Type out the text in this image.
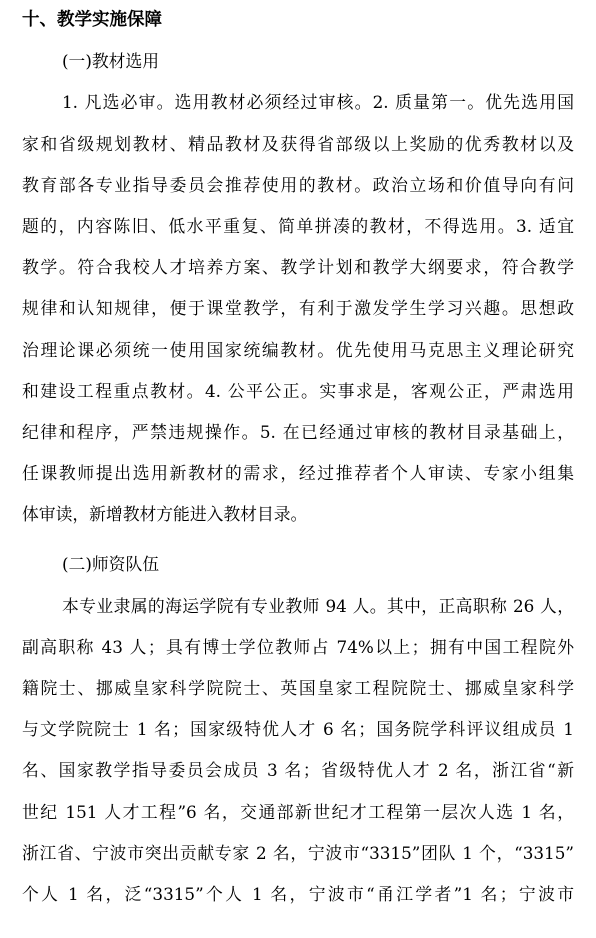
十、教学实施保障
(一)教材选用
1. 凡选必审。选用教材必须经过审核。2. 质量第一。优先选用国
家和省级规划教材、精品教材及获得省部级以上奖励的优秀教材以及
教育部各专业指导委员会推荐使用的教材。政治立场和价值导向有问
题的，内容陈旧、低水平重复、简单拼凑的教材，不得选用。3. 适宜
教学。符合我校人才培养方案、教学计划和教学大纲要求，符合教学
规律和认知规律，便于课堂教学，有利于激发学生学习兴趣。思想政
治理论课必须统一使用国家统编教材。优先使用马克思主义理论研究
和建设工程重点教材。4. 公平公正。实事求是，客观公正，严肃选用
纪律和程序，严禁违规操作。5. 在已经通过审核的教材目录基础上，
任课教师提出选用新教材的需求，经过推荐者个人审读、专家小组集
体审读，新增教材方能进入教材目录。
(二)师资队伍
本专业隶属的海运学院有专业教师 94 人。其中，正高职称 26 人，
副高职称 43 人；具有博士学位教师占 74%以上；拥有中国工程院外
籍院士、挪威皇家科学院院士、英国皇家工程院院士、挪威皇家科学
与文学院院士 1 名；国家级特优人才 6 名；国务院学科评议组成员 1
名、国家教学指导委员会成员 3 名；省级特优人才 2 名，浙江省“新
世纪 151 人才工程”6 名，交通部新世纪才工程第一层次人选 1 名，
浙江省、宁波市突出贡献专家 2 名，宁波市“3315”团队 1 个，“3315”
个人 1 名，泛“3315”个人 1 名，宁波市“甬江学者”1 名；宁波市
